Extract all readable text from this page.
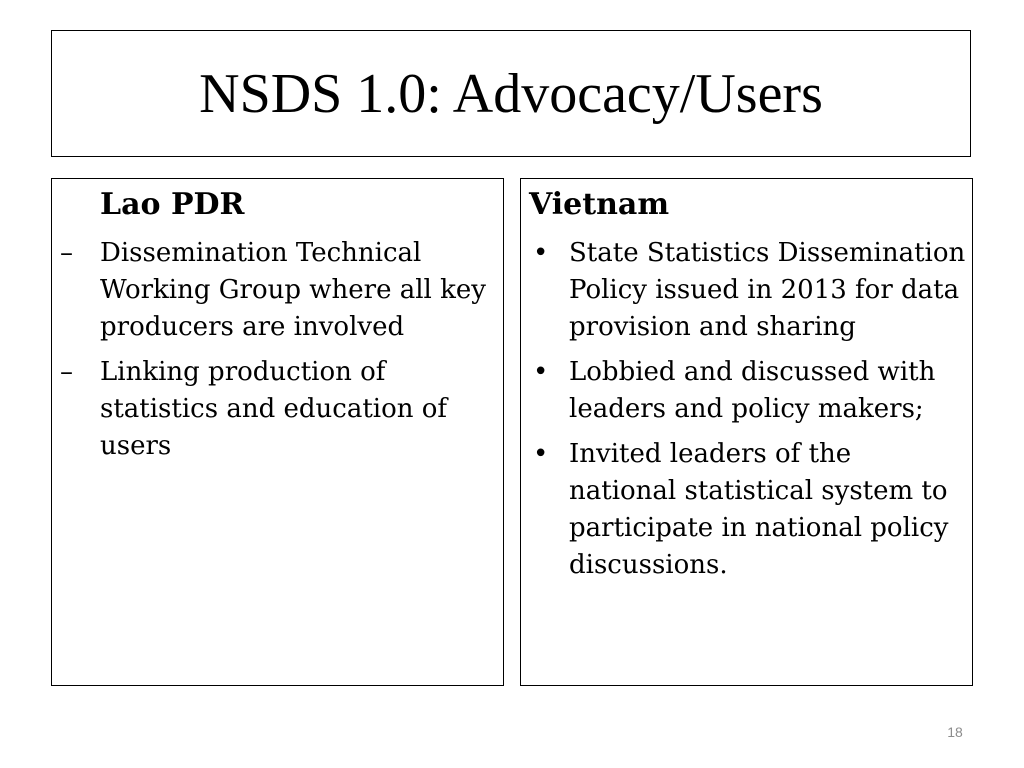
NSDS 1.0: Advocacy/Users
Lao PDR
– Dissemination Technical Working Group where all key producers are involved
– Linking production of statistics and education of users
Vietnam
• State Statistics Dissemination Policy issued in 2013 for data provision and sharing
• Lobbied and discussed with leaders and policy makers;
• Invited leaders of the national statistical system to participate in national policy discussions.
18
